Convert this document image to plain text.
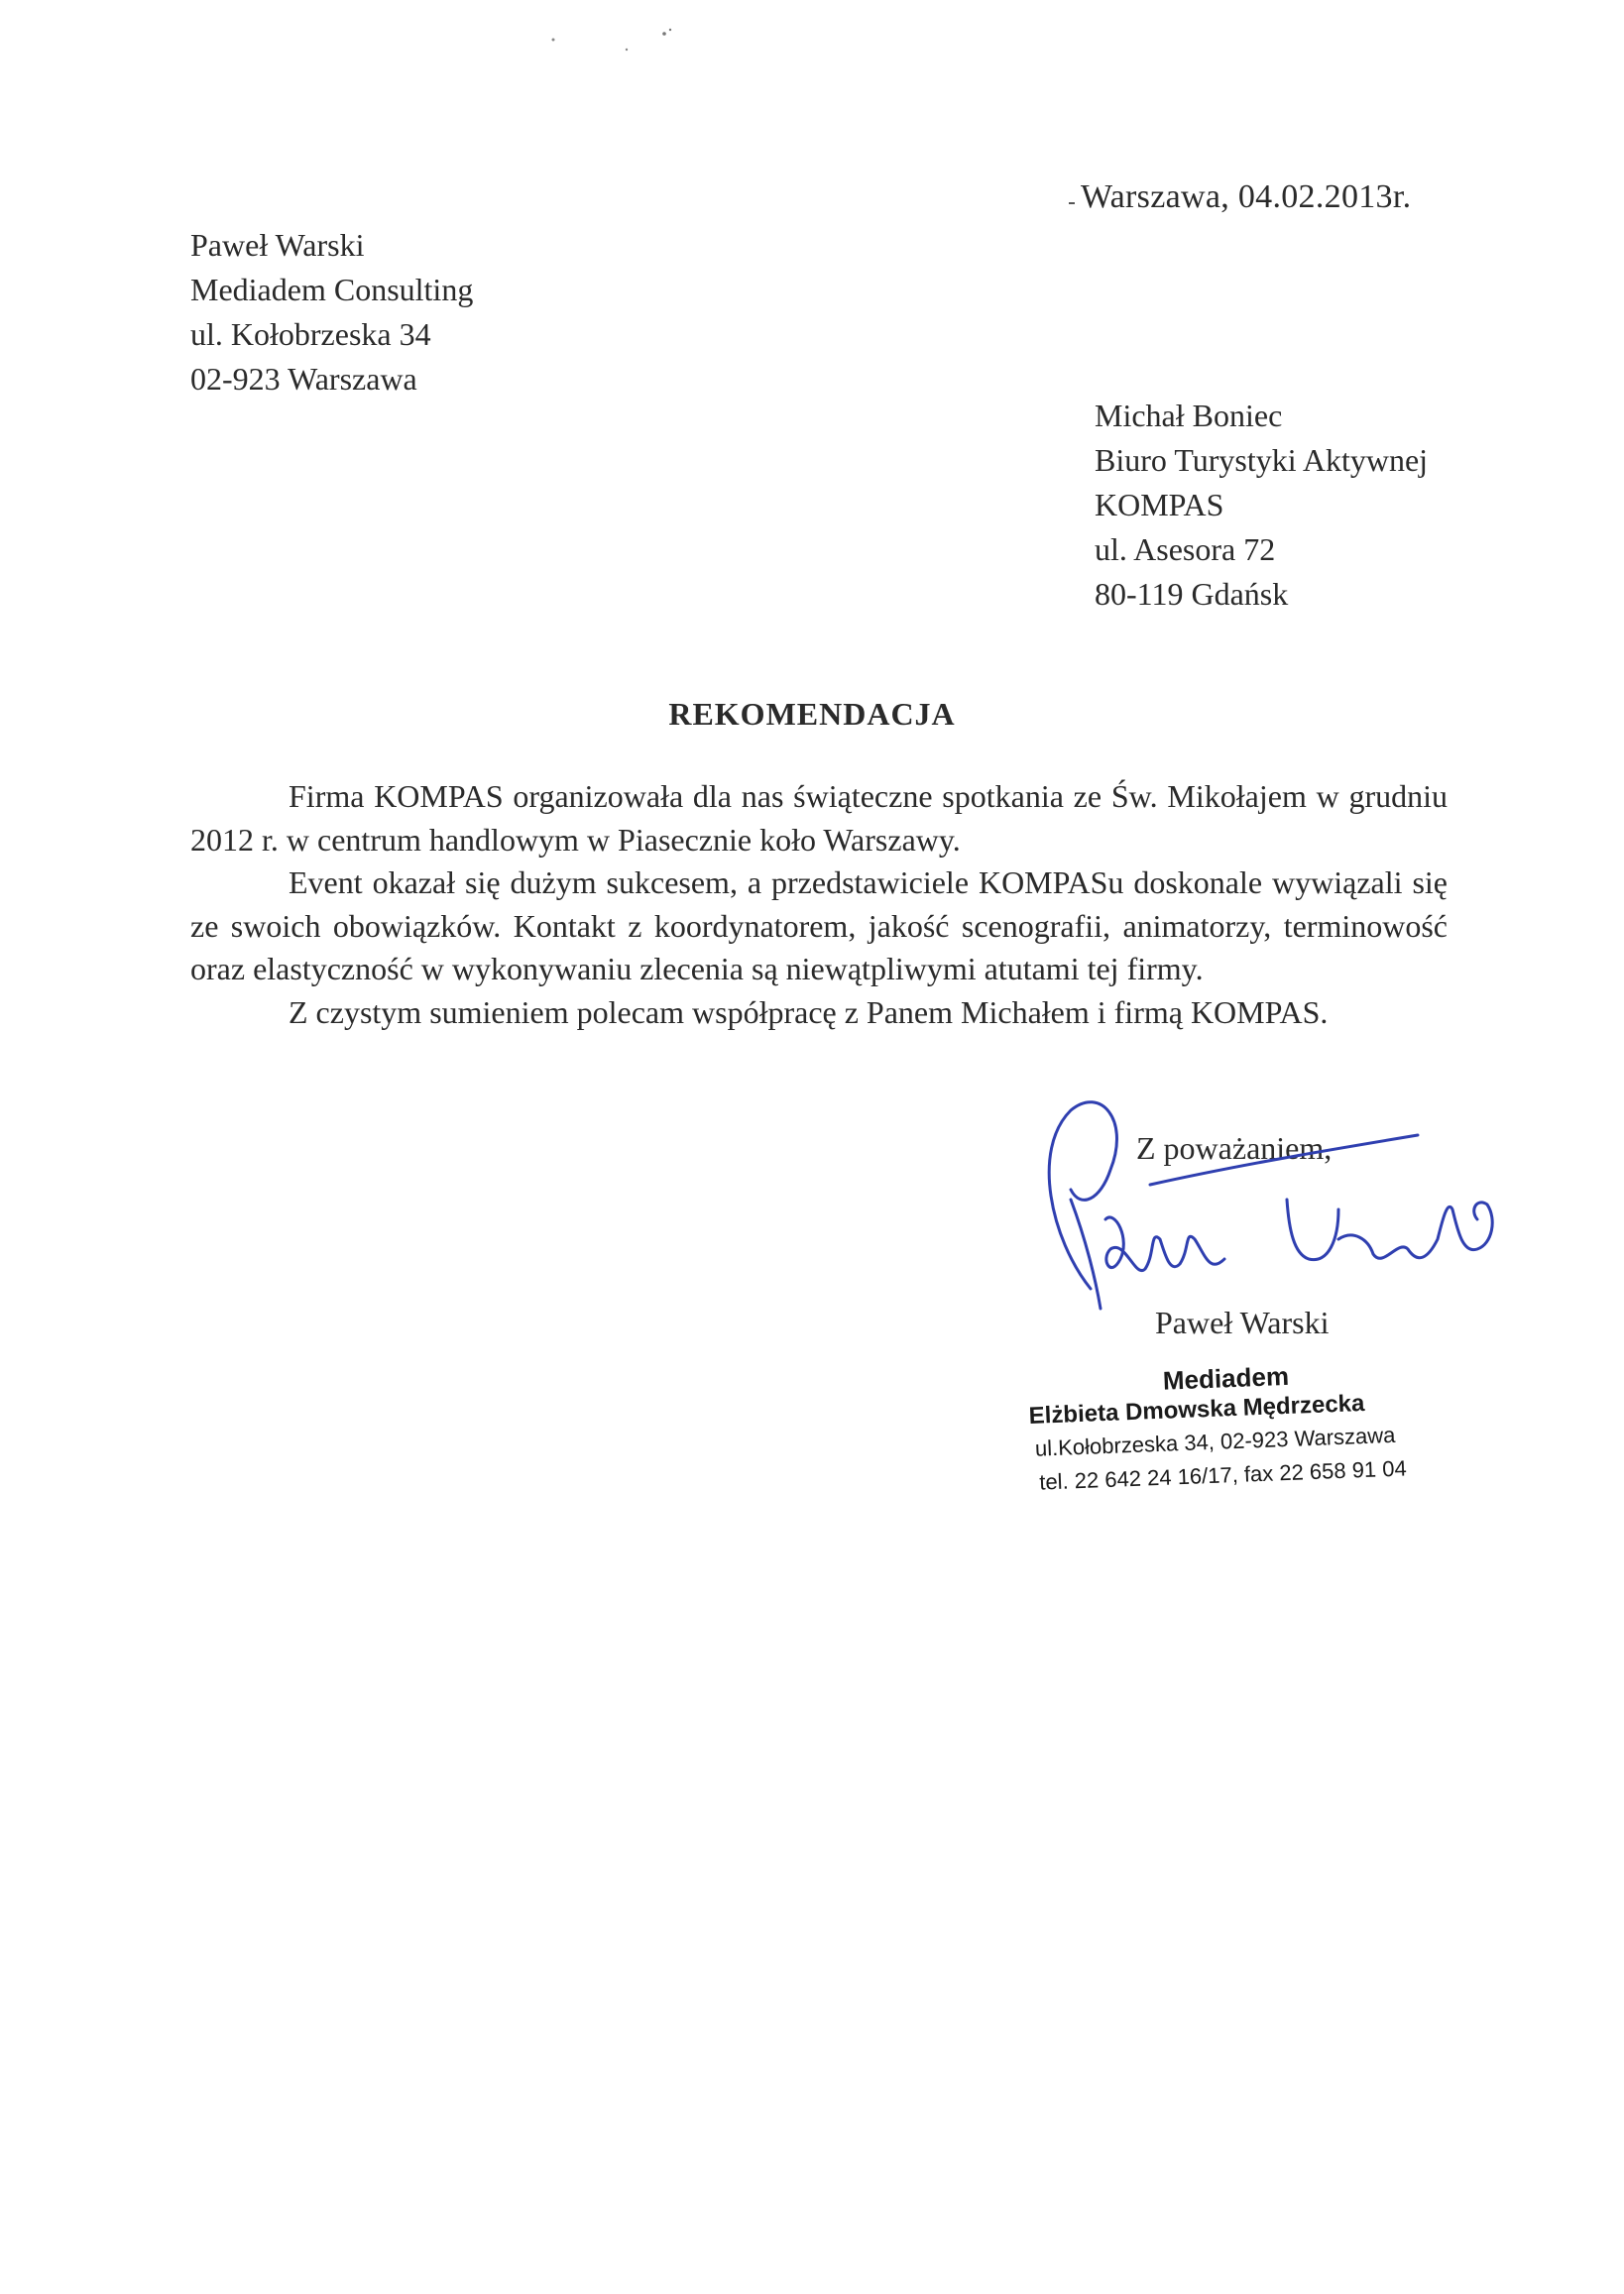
Warszawa, 04.02.2013r.
Paweł Warski
Mediadem Consulting
ul. Kołobrzeska 34
02-923 Warszawa
Michał Boniec
Biuro Turystyki Aktywnej
KOMPAS
ul. Asesora 72
80-119 Gdańsk
REKOMENDACJA

Firma KOMPAS organizowała dla nas świąteczne spotkania ze Św. Mikołajem w grudniu 2012 r. w centrum handlowym w Piasecznie koło Warszawy.

Event okazał się dużym sukcesem, a przedstawiciele KOMPASu doskonale wywiązali się ze swoich obowiązków. Kontakt z koordynatorem, jakość scenografii, animatorzy, terminowość oraz elastyczność w wykonywaniu zlecenia są niewątpliwymi atutami tej firmy.

Z czystym sumieniem polecam współpracę z Panem Michałem i firmą KOMPAS.

Z poważaniem,
Paweł Warski
Mediadem
Elżbieta Dmowska Mędrzecka
ul.Kołobrzeska 34, 02-923 Warszawa
tel. 22 642 24 16/17, fax 22 658 91 04
